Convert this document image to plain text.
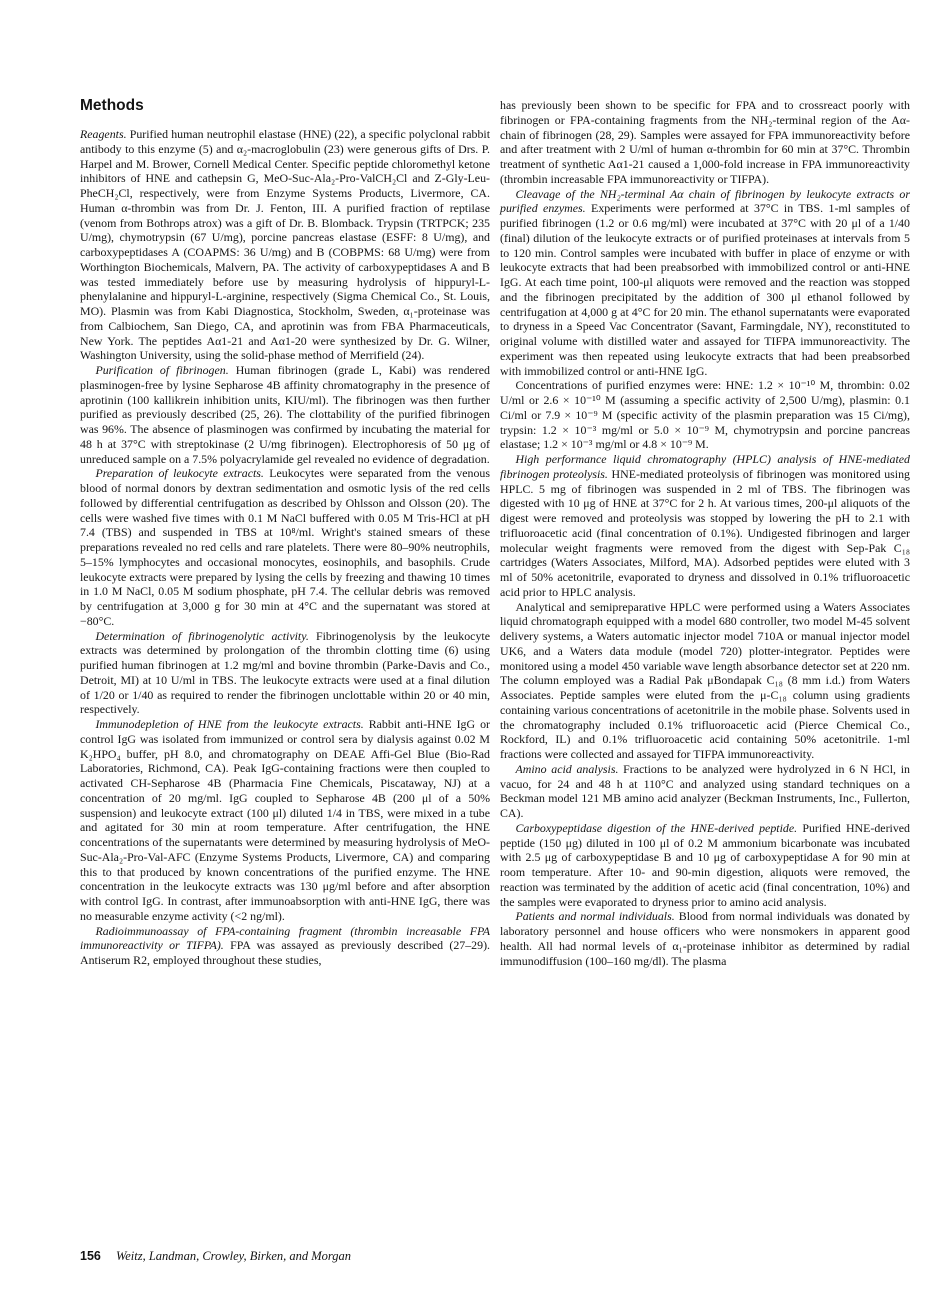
Methods

Reagents. Purified human neutrophil elastase (HNE) (22), a specific polyclonal rabbit antibody to this enzyme (5) and α₂-macroglobulin (23) were generous gifts of Drs. P. Harpel and M. Brower, Cornell Medical Center. Specific peptide chloromethyl ketone inhibitors of HNE and cathepsin G, MeO-Suc-Ala₂-Pro-ValCH₂Cl and Z-Gly-Leu-PheCH₂Cl, respectively, were from Enzyme Systems Products, Livermore, CA. Human α-thrombin was from Dr. J. Fenton, III. A purified fraction of reptilase (venom from Bothrops atrox) was a gift of Dr. B. Blomback. Trypsin (TRTPCK; 235 U/mg), chymotrypsin (67 U/mg), porcine pancreas elastase (ESFF: 8 U/mg), and carboxypeptidases A (COAPMS: 36 U/mg) and B (COBPMS: 68 U/mg) were from Worthington Biochemicals, Malvern, PA. The activity of carboxypeptidases A and B was tested immediately before use by measuring hydrolysis of hippuryl-L-phenylalanine and hippuryl-L-arginine, respectively (Sigma Chemical Co., St. Louis, MO). Plasmin was from Kabi Diagnostica, Stockholm, Sweden, α₁-proteinase was from Calbiochem, San Diego, CA, and aprotinin was from FBA Pharmaceuticals, New York. The peptides Aα1-21 and Aα1-20 were synthesized by Dr. G. Wilner, Washington University, using the solid-phase method of Merrifield (24).

Purification of fibrinogen. Human fibrinogen (grade L, Kabi) was rendered plasminogen-free by lysine Sepharose 4B affinity chromatography in the presence of aprotinin (100 kallikrein inhibition units, KIU/ml). The fibrinogen was then further purified as previously described (25, 26). The clottability of the purified fibrinogen was 96%. The absence of plasminogen was confirmed by incubating the material for 48 h at 37°C with streptokinase (2 U/mg fibrinogen). Electrophoresis of 50 μg of unreduced sample on a 7.5% polyacrylamide gel revealed no evidence of degradation.

Preparation of leukocyte extracts. Leukocytes were separated from the venous blood of normal donors by dextran sedimentation and osmotic lysis of the red cells followed by differential centrifugation as described by Ohlsson and Olsson (20). The cells were washed five times with 0.1 M NaCl buffered with 0.05 M Tris-HCl at pH 7.4 (TBS) and suspended in TBS at 10⁸/ml. Wright's stained smears of these preparations revealed no red cells and rare platelets. There were 80–90% neutrophils, 5–15% lymphocytes and occasional monocytes, eosinophils, and basophils. Crude leukocyte extracts were prepared by lysing the cells by freezing and thawing 10 times in 1.0 M NaCl, 0.05 M sodium phosphate, pH 7.4. The cellular debris was removed by centrifugation at 3,000 g for 30 min at 4°C and the supernatant was stored at −80°C.

Determination of fibrinogenolytic activity. Fibrinogenolysis by the leukocyte extracts was determined by prolongation of the thrombin clotting time (6) using purified human fibrinogen at 1.2 mg/ml and bovine thrombin (Parke-Davis and Co., Detroit, MI) at 10 U/ml in TBS. The leukocyte extracts were used at a final dilution of 1/20 or 1/40 as required to render the fibrinogen unclottable within 20 or 40 min, respectively.

Immunodepletion of HNE from the leukocyte extracts. Rabbit anti-HNE IgG or control IgG was isolated from immunized or control sera by dialysis against 0.02 M K₂HPO₄ buffer, pH 8.0, and chromatography on DEAE Affi-Gel Blue (Bio-Rad Laboratories, Richmond, CA). Peak IgG-containing fractions were then coupled to activated CH-Sepharose 4B (Pharmacia Fine Chemicals, Piscataway, NJ) at a concentration of 20 mg/ml. IgG coupled to Sepharose 4B (200 μl of a 50% suspension) and leukocyte extract (100 μl) diluted 1/4 in TBS, were mixed in a tube and agitated for 30 min at room temperature. After centrifugation, the HNE concentrations of the supernatants were determined by measuring hydrolysis of MeO-Suc-Ala₂-Pro-Val-AFC (Enzyme Systems Products, Livermore, CA) and comparing this to that produced by known concentrations of the purified enzyme. The HNE concentration in the leukocyte extracts was 130 μg/ml before and after absorption with control IgG. In contrast, after immunoabsorption with anti-HNE IgG, there was no measurable enzyme activity (<2 ng/ml).

Radioimmunoassay of FPA-containing fragment (thrombin increasable FPA immunoreactivity or TIFPA). FPA was assayed as previously described (27–29). Antiserum R2, employed throughout these studies,

has previously been shown to be specific for FPA and to crossreact poorly with fibrinogen or FPA-containing fragments from the NH₂-terminal region of the Aα-chain of fibrinogen (28, 29). Samples were assayed for FPA immunoreactivity before and after treatment with 2 U/ml of human α-thrombin for 60 min at 37°C. Thrombin treatment of synthetic Aα1-21 caused a 1,000-fold increase in FPA immunoreactivity (thrombin increasable FPA immunoreactivity or TIFPA).

Cleavage of the NH₂-terminal Aα chain of fibrinogen by leukocyte extracts or purified enzymes. Experiments were performed at 37°C in TBS. 1-ml samples of purified fibrinogen (1.2 or 0.6 mg/ml) were incubated at 37°C with 20 μl of a 1/40 (final) dilution of the leukocyte extracts or of purified proteinases at intervals from 5 to 120 min. Control samples were incubated with buffer in place of enzyme or with leukocyte extracts that had been preabsorbed with immobilized control or anti-HNE IgG. At each time point, 100-μl aliquots were removed and the reaction was stopped and the fibrinogen precipitated by the addition of 300 μl ethanol followed by centrifugation at 4,000 g at 4°C for 20 min. The ethanol supernatants were evaporated to dryness in a Speed Vac Concentrator (Savant, Farmingdale, NY), reconstituted to original volume with distilled water and assayed for TIFPA immunoreactivity. The experiment was then repeated using leukocyte extracts that had been preabsorbed with immobilized control or anti-HNE IgG.

Concentrations of purified enzymes were: HNE: 1.2 × 10⁻¹⁰ M, thrombin: 0.02 U/ml or 2.6 × 10⁻¹⁰ M (assuming a specific activity of 2,500 U/mg), plasmin: 0.1 Ci/ml or 7.9 × 10⁻⁹ M (specific activity of the plasmin preparation was 15 Ci/mg), trypsin: 1.2 × 10⁻³ mg/ml or 5.0 × 10⁻⁹ M, chymotrypsin and porcine pancreas elastase; 1.2 × 10⁻³ mg/ml or 4.8 × 10⁻⁹ M.

High performance liquid chromatography (HPLC) analysis of HNE-mediated fibrinogen proteolysis. HNE-mediated proteolysis of fibrinogen was monitored using HPLC. 5 mg of fibrinogen was suspended in 2 ml of TBS. The fibrinogen was digested with 10 μg of HNE at 37°C for 2 h. At various times, 200-μl aliquots of the digest were removed and proteolysis was stopped by lowering the pH to 2.1 with trifluoroacetic acid (final concentration of 0.1%). Undigested fibrinogen and larger molecular weight fragments were removed from the digest with Sep-Pak C₁₈ cartridges (Waters Associates, Milford, MA). Adsorbed peptides were eluted with 3 ml of 50% acetonitrile, evaporated to dryness and dissolved in 0.1% trifluoroacetic acid prior to HPLC analysis.

Analytical and semipreparative HPLC were performed using a Waters Associates liquid chromatograph equipped with a model 680 controller, two model M-45 solvent delivery systems, a Waters automatic injector model 710A or manual injector model UK6, and a Waters data module (model 720) plotter-integrator. Peptides were monitored using a model 450 variable wave length absorbance detector set at 220 nm. The column employed was a Radial Pak μBondapak C₁₈ (8 mm i.d.) from Waters Associates. Peptide samples were eluted from the μ-C₁₈ column using gradients containing various concentrations of acetonitrile in the mobile phase. Solvents used in the chromatography included 0.1% trifluoroacetic acid (Pierce Chemical Co., Rockford, IL) and 0.1% trifluoroacetic acid containing 50% acetonitrile. 1-ml fractions were collected and assayed for TIFPA immunoreactivity.

Amino acid analysis. Fractions to be analyzed were hydrolyzed in 6 N HCl, in vacuo, for 24 and 48 h at 110°C and analyzed using standard techniques on a Beckman model 121 MB amino acid analyzer (Beckman Instruments, Inc., Fullerton, CA).

Carboxypeptidase digestion of the HNE-derived peptide. Purified HNE-derived peptide (150 μg) diluted in 100 μl of 0.2 M ammonium bicarbonate was incubated with 2.5 μg of carboxypeptidase B and 10 μg of carboxypeptidase A for 90 min at room temperature. After 10- and 90-min digestion, aliquots were removed, the reaction was terminated by the addition of acetic acid (final concentration, 10%) and the samples were evaporated to dryness prior to amino acid analysis.

Patients and normal individuals. Blood from normal individuals was donated by laboratory personnel and house officers who were nonsmokers in apparent good health. All had normal levels of α₁-proteinase inhibitor as determined by radial immunodiffusion (100–160 mg/dl). The plasma

156 Weitz, Landman, Crowley, Birken, and Morgan
